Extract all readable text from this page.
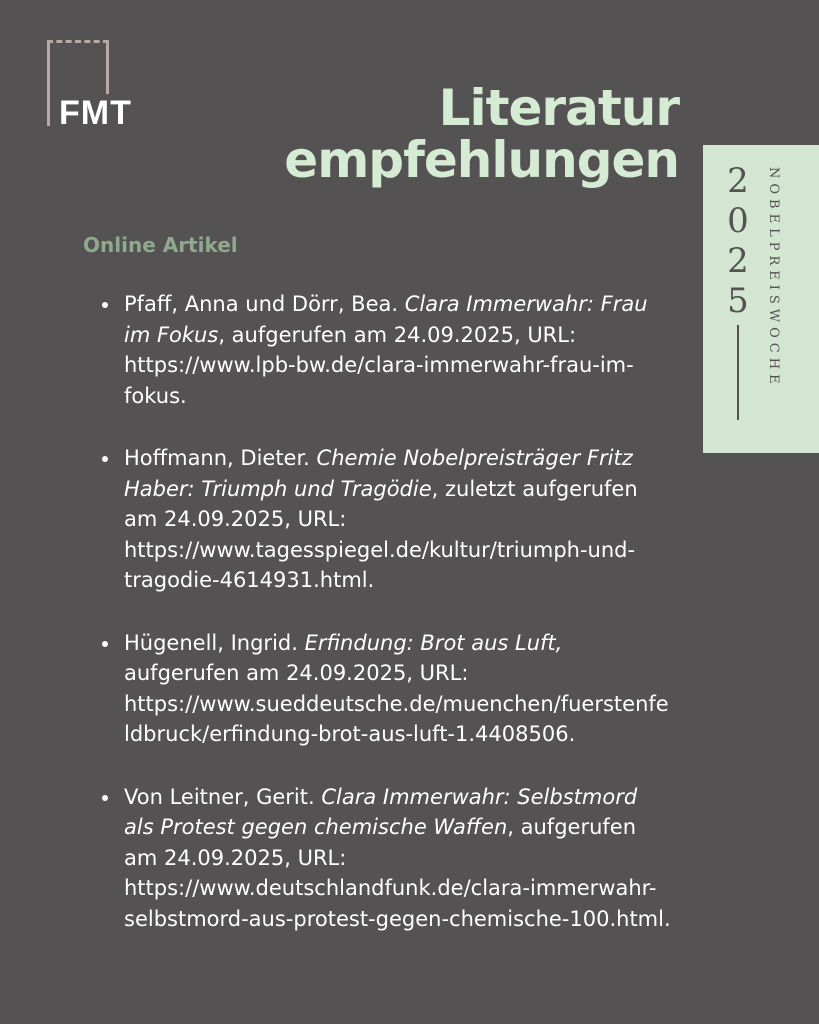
FMT	Literatur
empfehlungen 2
0
2
5	NOBELPREISWOCHE
Online Artikel
Pfaff, Anna und Dörr, Bea. Clara Immerwahr: Frau im Fokus, aufgerufen am 24.09.2025, URL: https://www.lpb-bw.de/clara-immerwahr-frau-im-fokus.
Hoffmann, Dieter. Chemie Nobelpreisträger Fritz Haber: Triumph und Tragödie, zuletzt aufgerufen am 24.09.2025, URL: https://www.tagesspiegel.de/kultur/triumph-und-tragodie-4614931.html.
Hügenell, Ingrid. Erfindung: Brot aus Luft, aufgerufen am 24.09.2025, URL: https://www.sueddeutsche.de/muenchen/fuerstenfeldbruck/erfindung-brot-aus-luft-1.4408506.
Von Leitner, Gerit. Clara Immerwahr: Selbstmord als Protest gegen chemische Waffen, aufgerufen am 24.09.2025, URL: https://www.deutschlandfunk.de/clara-immerwahr-selbstmord-aus-protest-gegen-chemische-100.html.
